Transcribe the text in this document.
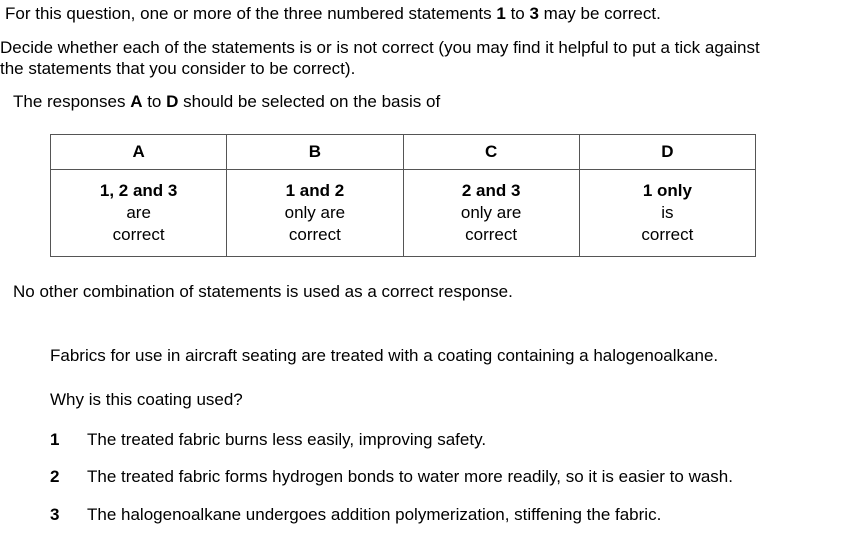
For this question, one or more of the three numbered statements 1 to 3 may be correct.
Decide whether each of the statements is or is not correct (you may find it helpful to put a tick against
the statements that you consider to be correct).
The responses A to D should be selected on the basis of
A	B	C	D

1, 2 and 3
are
correct	1 and 2
only are
correct	2 and 3
only are
correct	1 only
is
correct
No other combination of statements is used as a correct response.
Fabrics for use in aircraft seating are treated with a coating containing a halogenoalkane.
Why is this coating used?
1 The treated fabric burns less easily, improving safety.
2 The treated fabric forms hydrogen bonds to water more readily, so it is easier to wash.
3 The halogenoalkane undergoes addition polymerization, stiffening the fabric.
